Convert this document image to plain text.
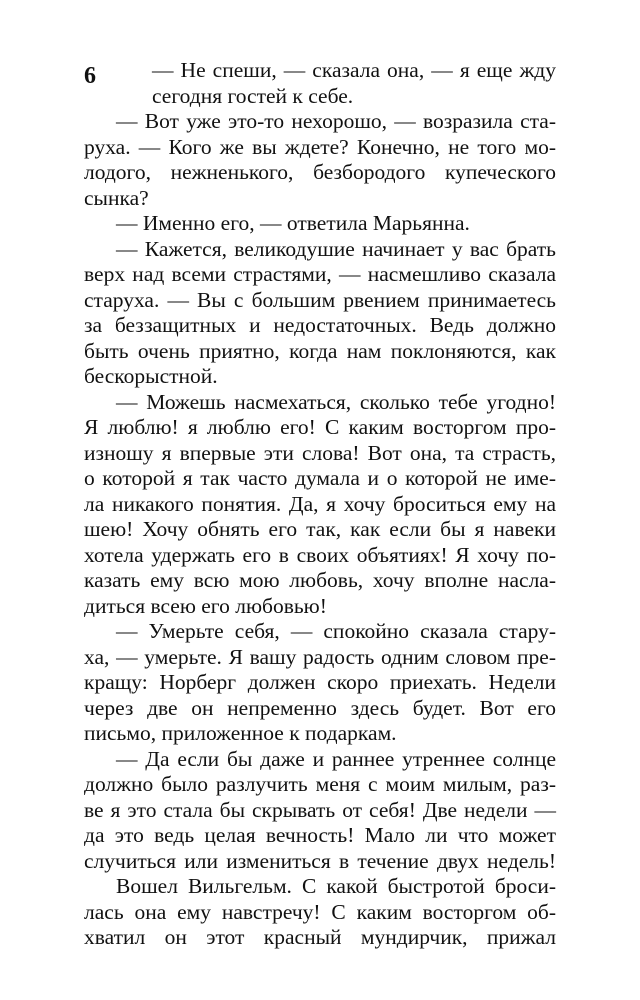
6	— Не спеши, — сказала она, — я еще жду
сегодня гостей к себе.
— Вот уже это-то нехорошо, — возразила ста-
руха. — Кого же вы ждете? Конечно, не того мо-
лодого, нежненького, безбородого купеческого
сынка?
— Именно его, — ответила Марьянна.
— Кажется, великодушие начинает у вас брать
верх над всеми страстями, — насмешливо сказала
старуха. — Вы с большим рвением принимаетесь
за беззащитных и недостаточных. Ведь должно
быть очень приятно, когда нам поклоняются, как
бескорыстной.
— Можешь насмехаться, сколько тебе угодно!
Я люблю! я люблю его! С каким восторгом про-
изношу я впервые эти слова! Вот она, та страсть,
о которой я так часто думала и о которой не име-
ла никакого понятия. Да, я хочу броситься ему на
шею! Хочу обнять его так, как если бы я навеки
хотела удержать его в своих объятиях! Я хочу по-
казать ему всю мою любовь, хочу вполне насла-
диться всею его любовью!
— Умерьте себя, — спокойно сказала стару-
ха, — умерьте. Я вашу радость одним словом пре-
кращу: Норберг должен скоро приехать. Недели
через две он непременно здесь будет. Вот его
письмо, приложенное к подаркам.
— Да если бы даже и раннее утреннее солнце
должно было разлучить меня с моим милым, раз-
ве я это стала бы скрывать от себя! Две недели —
да это ведь целая вечность! Мало ли что может
случиться или измениться в течение двух недель!
Вошел Вильгельм. С какой быстротой броси-
лась она ему навстречу! С каким восторгом об-
хватил он этот красный мундирчик, прижал
